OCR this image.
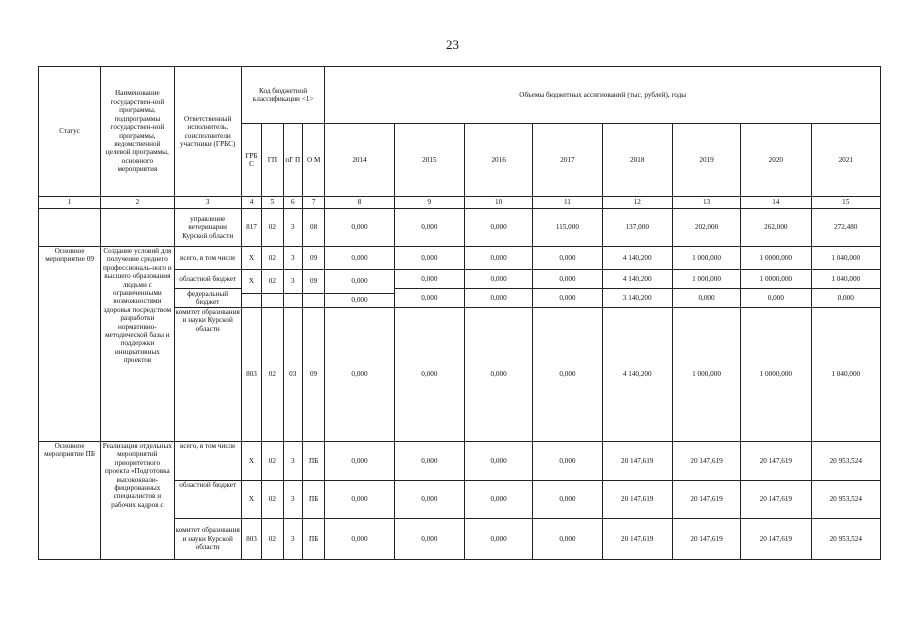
23
Статус	Наименование государствен-ной программы, подпрограммы государствен-ной программы, ведомственной целевой программы, основного мероприятия	Ответственный исполнитель, соисполнители участники (ГРБС)	Код бюджетной классификации <1>				Объемы бюджетных ассигнований (тыс. рублей), годы							
			ГРБ С	ГП	пГ П	О М	2014	2015	2016	2017	2018	2019	2020	2021
1	2	3	4	5	6	7	8	9	10	11	12	13	14	15
		управление ветеринарии Курской области	817	02	3	08	0,000	0,000	0,000	115,000	137,000	202,000	262,000	272,480
Основное мероприятие 09	Создание условий для получение среднего профессиональ-ного и высшего образования людьми с ограниченными возможностями здоровья посредством разработки нормативно-методической базы и поддержки инициативных проектов	всего, в том числе	Х	02	3	09	0,000	0,000	0,000	0,000	4 140,200	1 000,000	1 0000,000	1 040,000
		областной бюджет	Х	02	3	09	0,000	0,000	0,000	0,000	4 140,200	1 000,000	1 0000,000	1 040,000
		федеральный бюджет						0,000	0,000	0,000	3 140,200	0,000	0,000	0,000
							0,000							
		комитет образования и науки Курской области	803	02	03	09	0,000	0,000	0,000	0,000	4 140,200	1 000,000	1 0000,000	1 040,000
Основное мероприятие ПБ	Реализация отдельных мероприятий приоритетного проекта «Подготовка высококвали-фицированных специалистов и рабочих кадров с	всего, в том числе	Х	02	3	ПБ	0,000	0,000	0,000	0,000	20 147,619	20 147,619	20 147,619	20 953,524
		областной бюджет	Х	02	3	ПБ	0,000	0,000	0,000	0,000	20 147,619	20 147,619	20 147,619	20 953,524
		комитет образования и науки Курской области	803	02	3	ПБ	0,000	0,000	0,000	0,000	20 147,619	20 147,619	20 147,619	20 953,524
